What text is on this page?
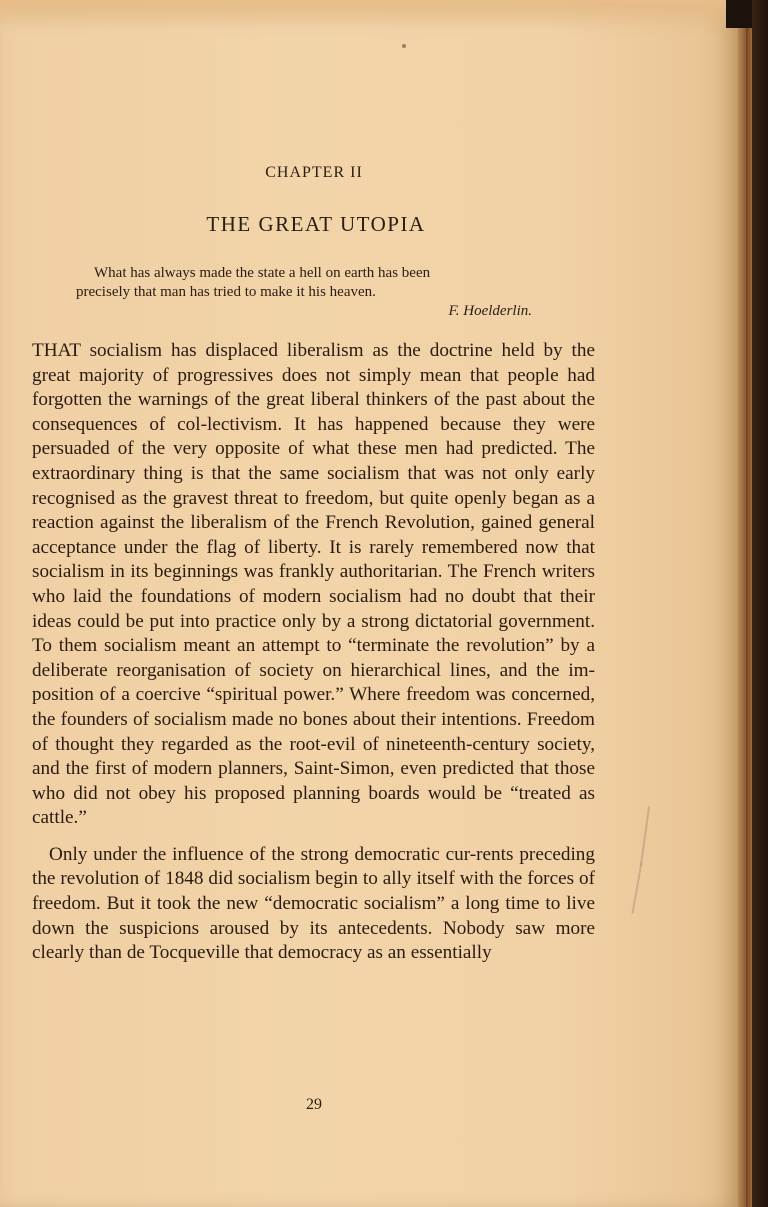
CHAPTER II
THE GREAT UTOPIA
What has always made the state a hell on earth has been
precisely that man has tried to make it his heaven.
F. Hoelderlin.

THAT socialism has displaced liberalism as the doctrine held by the great majority of progressives does not simply mean that people had forgotten the warnings of the great liberal thinkers of the past about the consequences of col-lectivism. It has happened because they were persuaded of the very opposite of what these men had predicted. The extraordinary thing is that the same socialism that was not only early recognised as the gravest threat to freedom, but quite openly began as a reaction against the liberalism of the French Revolution, gained general acceptance under the flag of liberty. It is rarely remembered now that socialism in its beginnings was frankly authoritarian. The French writers who laid the foundations of modern socialism had no doubt that their ideas could be put into practice only by a strong dictatorial government. To them socialism meant an attempt to “terminate the revolution” by a deliberate reorganisation of society on hierarchical lines, and the im-position of a coercive “spiritual power.” Where freedom was concerned, the founders of socialism made no bones about their intentions. Freedom of thought they regarded as the root-evil of nineteenth-century society, and the first of modern planners, Saint-Simon, even predicted that those who did not obey his proposed planning boards would be “treated as cattle.”

Only under the influence of the strong democratic cur-rents preceding the revolution of 1848 did socialism begin to ally itself with the forces of freedom. But it took the new “democratic socialism” a long time to live down the suspicions aroused by its antecedents. Nobody saw more clearly than de Tocqueville that democracy as an essentially

29
